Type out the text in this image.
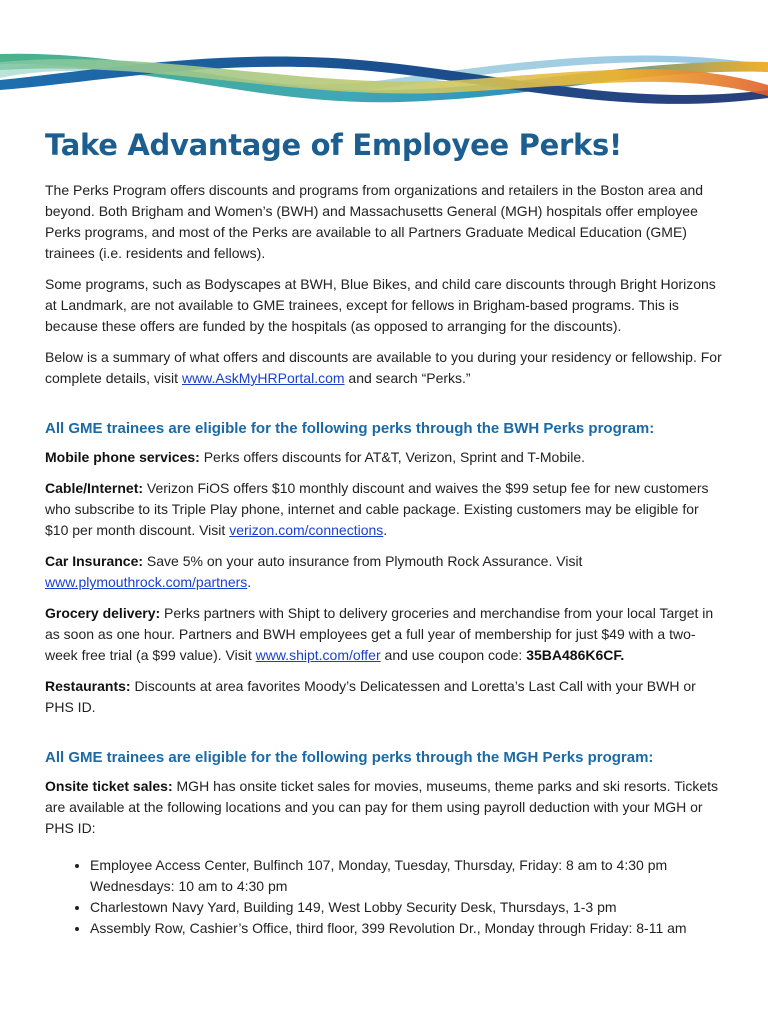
Take Advantage of Employee Perks!

The Perks Program offers discounts and programs from organizations and retailers in the Boston area and beyond. Both Brigham and Women’s (BWH) and Massachusetts General (MGH) hospitals offer employee Perks programs, and most of the Perks are available to all Partners Graduate Medical Education (GME) trainees (i.e. residents and fellows).

Some programs, such as Bodyscapes at BWH, Blue Bikes, and child care discounts through Bright Horizons at Landmark, are not available to GME trainees, except for fellows in Brigham-based programs. This is because these offers are funded by the hospitals (as opposed to arranging for the discounts).

Below is a summary of what offers and discounts are available to you during your residency or fellowship. For complete details, visit www.AskMyHRPortal.com and search “Perks.”

All GME trainees are eligible for the following perks through the BWH Perks program:

Mobile phone services: Perks offers discounts for AT&T, Verizon, Sprint and T-Mobile.

Cable/Internet: Verizon FiOS offers $10 monthly discount and waives the $99 setup fee for new customers who subscribe to its Triple Play phone, internet and cable package. Existing customers may be eligible for $10 per month discount. Visit verizon.com/connections.

Car Insurance: Save 5% on your auto insurance from Plymouth Rock Assurance. Visit www.plymouthrock.com/partners.

Grocery delivery: Perks partners with Shipt to delivery groceries and merchandise from your local Target in as soon as one hour. Partners and BWH employees get a full year of membership for just $49 with a two-week free trial (a $99 value). Visit www.shipt.com/offer and use coupon code: 35BA486K6CF.

Restaurants: Discounts at area favorites Moody’s Delicatessen and Loretta’s Last Call with your BWH or PHS ID.

All GME trainees are eligible for the following perks through the MGH Perks program:

Onsite ticket sales: MGH has onsite ticket sales for movies, museums, theme parks and ski resorts. Tickets are available at the following locations and you can pay for them using payroll deduction with your MGH or PHS ID:

• Employee Access Center, Bulfinch 107, Monday, Tuesday, Thursday, Friday: 8 am to 4:30 pm Wednesdays: 10 am to 4:30 pm
• Charlestown Navy Yard, Building 149, West Lobby Security Desk, Thursdays, 1-3 pm
• Assembly Row, Cashier’s Office, third floor, 399 Revolution Dr., Monday through Friday: 8-11 am
